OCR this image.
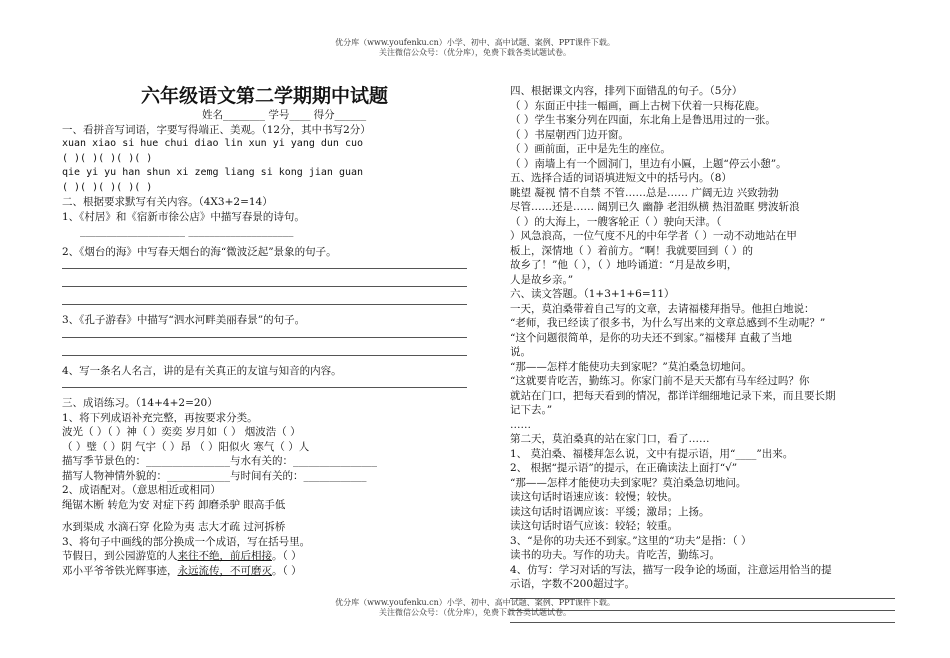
优分库（www.youfenku.cn）小学、初中、高中试题、案例、PPT课件下载。
关注微信公众号：（优分库），免费下载各类试题试卷。

六年级语文第二学期期中试题

姓名________ 学号____ 得分______

一、看拼音写词语，字要写得端正、美观。（12分，其中书写2分）

xuan xiao si hue chui diao lin xun yi yang dun cuo

( )( )( )( )( )

qie yi yu han shun xi zemg liang si kong jian guan

( )( )( )( )( )

二、根据要求默写有关内容。（4X3+2=14）

1、《村居》和《宿新市徐公店》中描写春景的诗句。

____________________ ____________________

2、《烟台的海》中写春天烟台的海“微波泛起”景象的句子。

3、《孔子游春》中描写“泗水河畔美丽春景”的句子。

4、写一条名人名言，讲的是有关真正的友谊与知音的内容。

三、成语练习。（14+4+2=20）

1、将下列成语补充完整，再按要求分类。

波光（ ）（ ）神（ ）奕奕 岁月如（ ） 烟波浩（ ）

（ ）璧（ ）阴 气宇（ ）昂 （ ）阳似火 寒气（ ）人

描写季节景色的：________________与水有关的：________________

描写人物神情外貌的：____________与时间有关的：____________

2、成语配对。（意思相近或相同）

绳锯木断 转危为安 对症下药 卸磨杀驴 眼高手低

水到渠成 水滴石穿 化险为夷 志大才疏 过河拆桥

3、将句子中画线的部分换成一个成语，写在括号里。

节假日，到公园游览的人来往不绝，前后相接。（ ）

邓小平爷爷铁光辉事迹，永远流传，不可磨灭。（ ）

四、根据课文内容，排列下面错乱的句子。（5分）

（ ）东面正中挂一幅画，画上古树下伏着一只梅花鹿。

（ ）学生书案分列在四面，东北角上是鲁迅用过的一张。

（ ）书屋朝西门边开窗。

（ ）画前面，正中是先生的座位。

（ ）南墙上有一个圆洞门，里边有小匾，上题“停云小憩”。

五、选择合适的词语填进短文中的括号内。（8）

眺望 凝视 情不自禁 不管……总是…… 广阔无边 兴致勃勃

尽管……还是…… 阔别已久 幽静 老泪纵横 热泪盈眶 劈波斩浪

（ ）的大海上，一艘客轮正（ ）驶向天津。（

）风急浪高，一位气度不凡的中年学者（ ）一动不动地站在甲

板上，深情地（ ）着前方。“啊！我就要回到（ ）的

故乡了！”他（ ），（ ）地吟诵道：“月是故乡明，

人是故乡亲。”

六、读文答题。（1+3+1+6=11）

一天，莫泊桑带着自己写的文章，去请福楼拜指导。他担白地说：

“老师，我已经读了很多书，为什么写出来的文章总感到不生动呢？”

“这个问题很简单，是你的功夫还不到家。”福楼拜 直截了当地

说。

“那——怎样才能使功夫到家呢？”莫泊桑急切地问。

“这就要肯吃苦，勤练习。你家门前不是天天都有马车经过吗？你

就站在门口，把每天看到的情况，都详详细细地记录下来，而且要长期

记下去。”

……

第二天，莫泊桑真的站在家门口，看了……

1、 莫泊桑、福楼拜怎么说，文中有提示语，用“____”出来。

2、 根据“提示语”的提示，在正确读法上面打“√”

“那——怎样才能使功夫到家呢？莫泊桑急切地问。

读这句话时语速应该：较慢；较快。

读这句话时语调应该：平缓；激昂；上扬。

读这句话时语气应该：较轻；较重。

3、“是你的功夫还不到家。”这里的“功夫”是指：（ ）

读书的功夫。写作的功夫。肯吃苦，勤练习。

4、仿写：学习对话的写法，描写一段争论的场面，注意运用恰当的提

示语，字数不200超过字。

优分库（www.youfenku.cn）小学、初中、高中试题、案例、PPT课件下载。
关注微信公众号：（优分库），免费下载各类试题试卷。
